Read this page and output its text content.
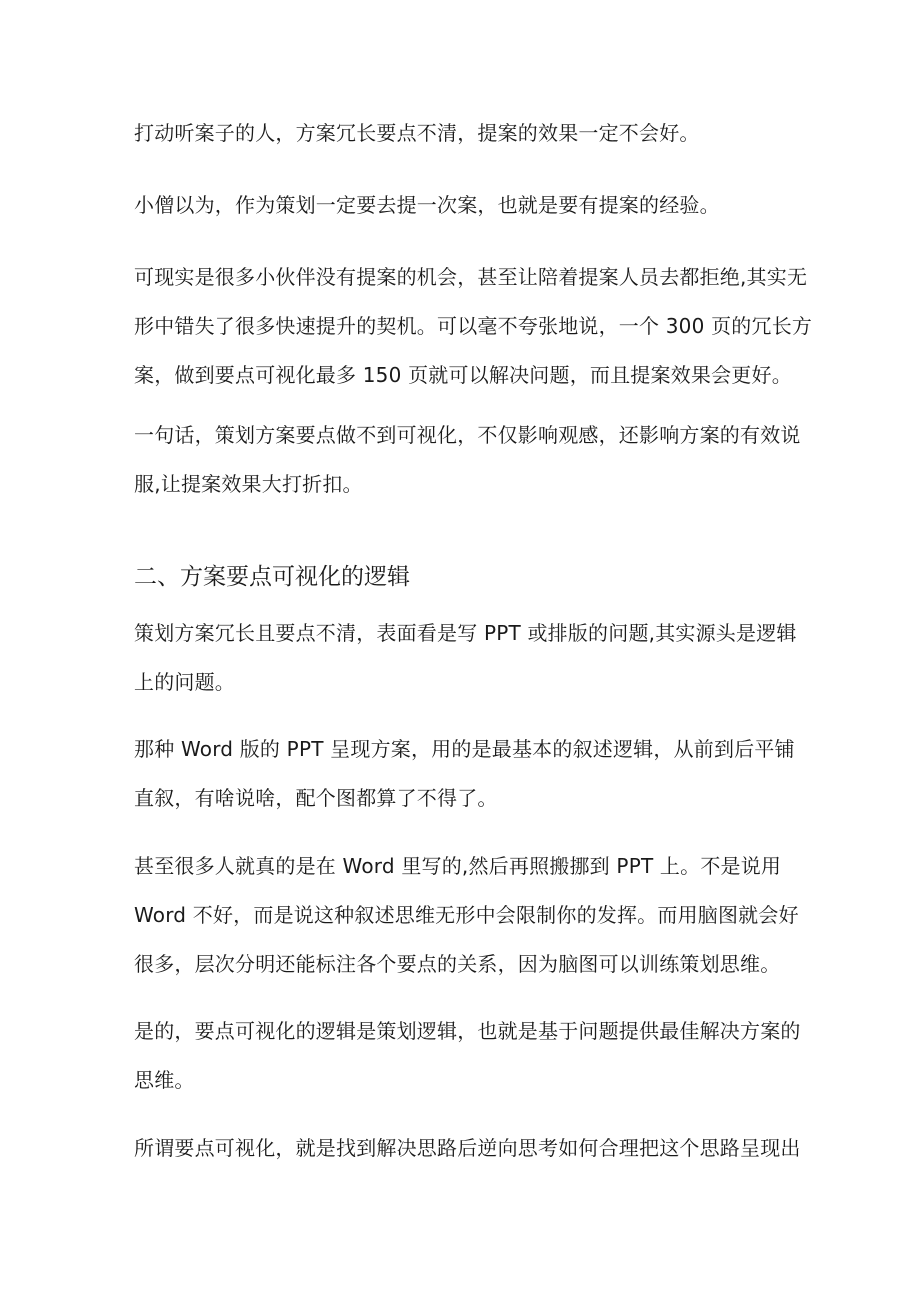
打动听案子的人，方案冗长要点不清，提案的效果一定不会好。

小僧以为，作为策划一定要去提一次案，也就是要有提案的经验。

可现实是很多小伙伴没有提案的机会，甚至让陪着提案人员去都拒绝,其实无
形中错失了很多快速提升的契机。可以毫不夸张地说，一个 300 页的冗长方
案，做到要点可视化最多 150 页就可以解决问题，而且提案效果会更好。

一句话，策划方案要点做不到可视化，不仅影响观感，还影响方案的有效说
服,让提案效果大打折扣。

二、方案要点可视化的逻辑

策划方案冗长且要点不清，表面看是写 PPT 或排版的问题,其实源头是逻辑
上的问题。

那种 Word 版的 PPT 呈现方案，用的是最基本的叙述逻辑，从前到后平铺
直叙，有啥说啥，配个图都算了不得了。

甚至很多人就真的是在 Word 里写的,然后再照搬挪到 PPT 上。不是说用
Word 不好，而是说这种叙述思维无形中会限制你的发挥。而用脑图就会好
很多，层次分明还能标注各个要点的关系，因为脑图可以训练策划思维。

是的，要点可视化的逻辑是策划逻辑，也就是基于问题提供最佳解决方案的
思维。

所谓要点可视化，就是找到解决思路后逆向思考如何合理把这个思路呈现出
